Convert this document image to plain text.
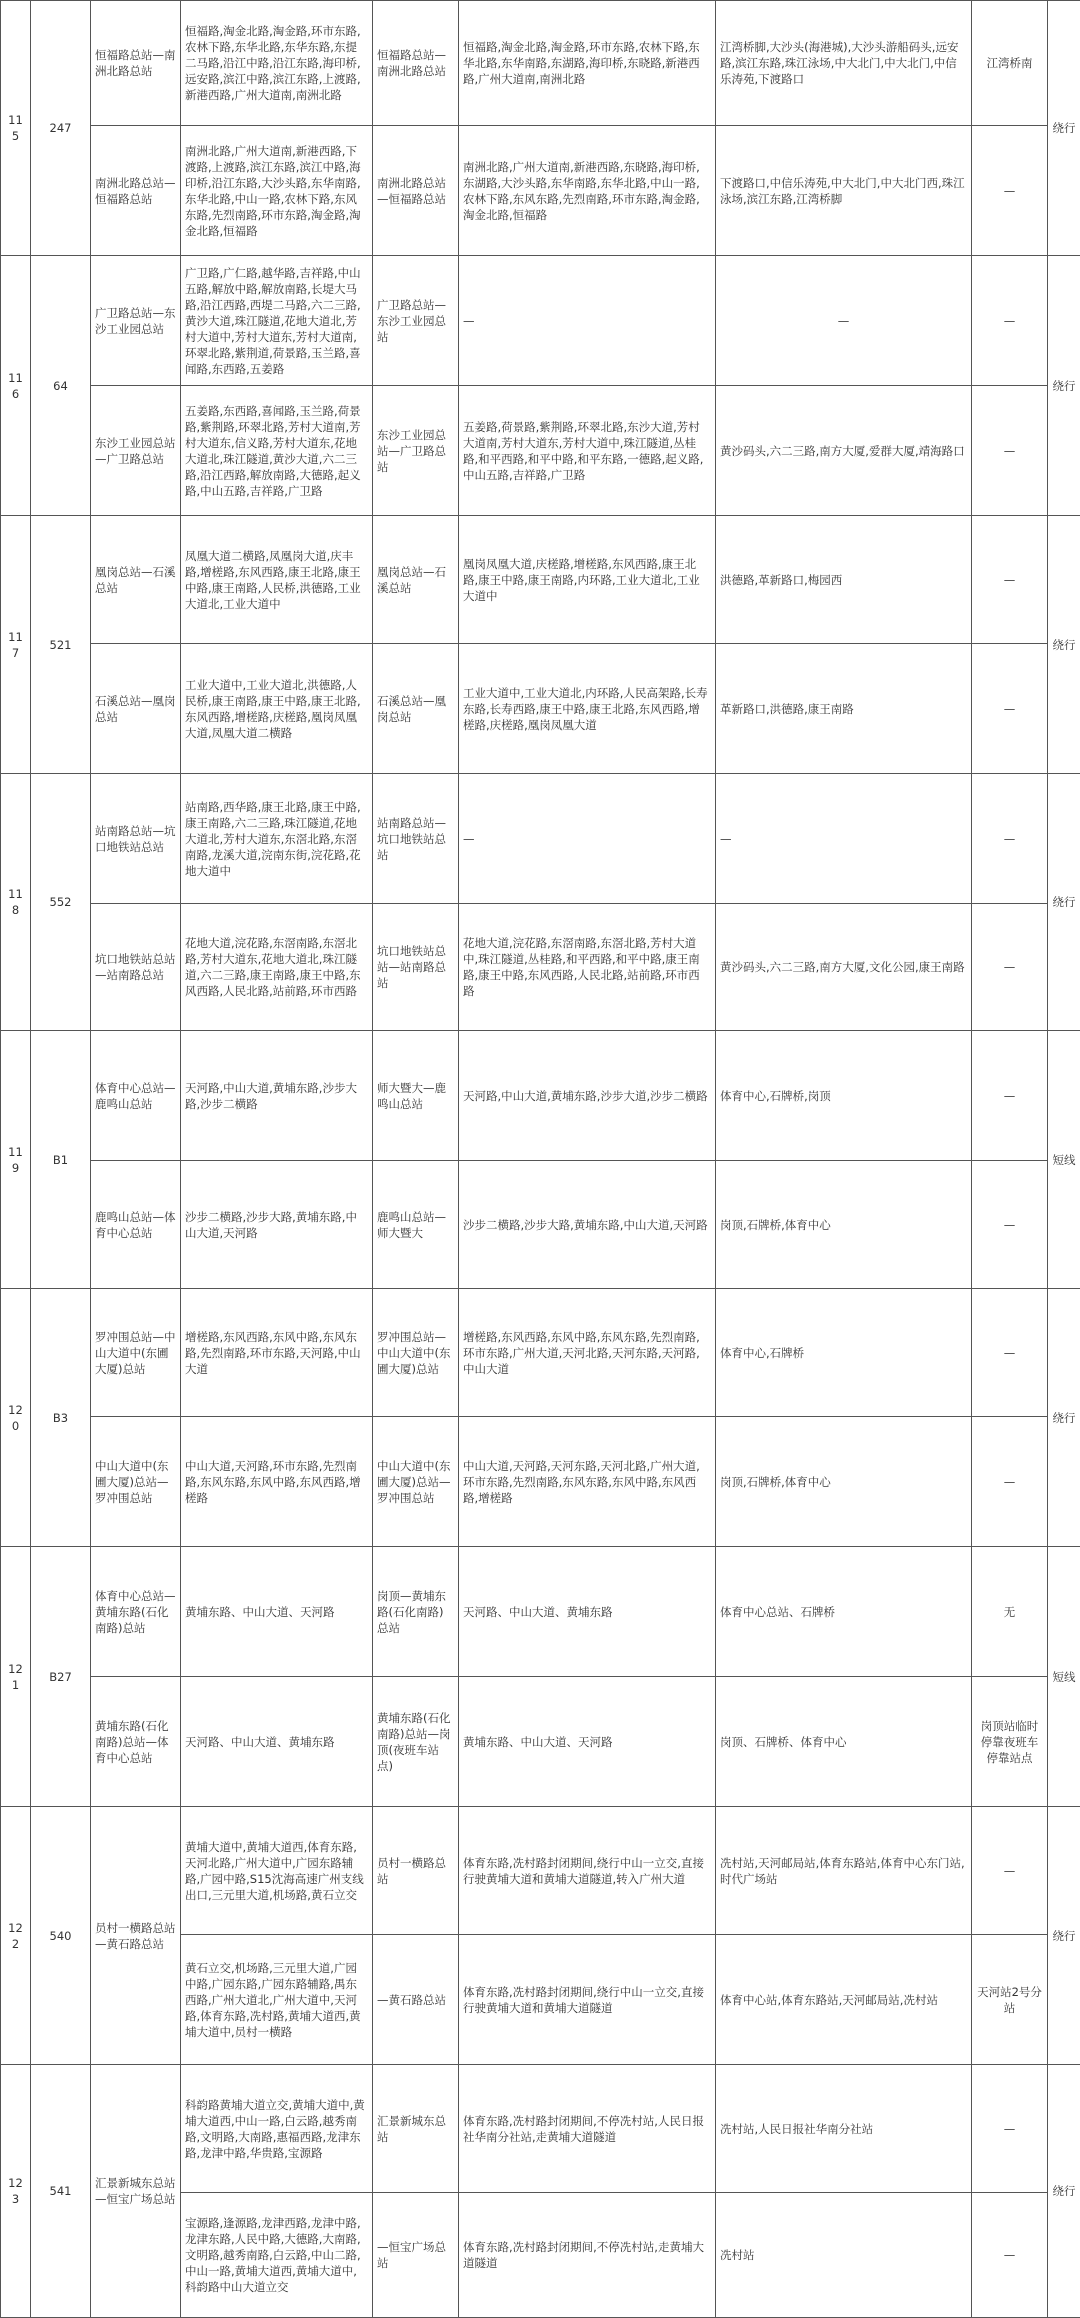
115	247	恒福路总站—南洲北路总站	恒福路,淘金北路,淘金路,环市东路,农林下路,东华北路,东华东路,东提二马路,沿江中路,沿江东路,海印桥,远安路,滨江中路,滨江东路,上渡路,新港西路,广州大道南,南洲北路	恒福路总站—南洲北路总站	恒福路,淘金北路,淘金路,环市东路,农林下路,东华北路,东华南路,东湖路,海印桥,东晓路,新港西路,广州大道南,南洲北路	江湾桥脚,大沙头(海港城),大沙头游船码头,远安路,滨江东路,珠江泳场,中大北门,中大北门,中信乐涛苑,下渡路口	江湾桥南	绕行
		南洲北路总站—恒福路总站	南洲北路,广州大道南,新港西路,下渡路,上渡路,滨江东路,滨江中路,海印桥,沿江东路,大沙头路,东华南路,东华北路,中山一路,农林下路,东风东路,先烈南路,环市东路,淘金路,淘金北路,恒福路	南洲北路总站—恒福路总站	南洲北路,广州大道南,新港西路,东晓路,海印桥,东湖路,大沙头路,东华南路,东华北路,中山一路,农林下路,东风东路,先烈南路,环市东路,淘金路,淘金北路,恒福路	下渡路口,中信乐涛苑,中大北门,中大北门西,珠江泳场,滨江东路,江湾桥脚	—	
116	64	广卫路总站—东沙工业园总站	广卫路,广仁路,越华路,吉祥路,中山五路,解放中路,解放南路,长堤大马路,沿江西路,西堤二马路,六二三路,黄沙大道,珠江隧道,花地大道北,芳村大道中,芳村大道东,芳村大道南,环翠北路,紫荆道,荷景路,玉兰路,喜闻路,东西路,五姜路	广卫路总站—东沙工业园总站	—	—	—	绕行
		东沙工业园总站—广卫路总站	五姜路,东西路,喜闻路,玉兰路,荷景路,紫荆路,环翠北路,芳村大道南,芳村大道东,信义路,芳村大道东,花地大道北,珠江隧道,黄沙大道,六二三路,沿江西路,解放南路,大德路,起义路,中山五路,吉祥路,广卫路	东沙工业园总站—广卫路总站	五姜路,荷景路,紫荆路,环翠北路,东沙大道,芳村大道南,芳村大道东,芳村大道中,珠江隧道,丛桂路,和平西路,和平中路,和平东路,一德路,起义路,中山五路,吉祥路,广卫路	黄沙码头,六二三路,南方大厦,爱群大厦,靖海路口	—	
117	521	凰岗总站—石溪总站	凤凰大道二横路,凤凰岗大道,庆丰路,增槎路,东风西路,康王北路,康王中路,康王南路,人民桥,洪德路,工业大道北,工业大道中	凰岗总站—石溪总站	凰岗凤凰大道,庆槎路,增槎路,东风西路,康王北路,康王中路,康王南路,内环路,工业大道北,工业大道中	洪德路,革新路口,梅园西	—	绕行
		石溪总站—凰岗总站	工业大道中,工业大道北,洪德路,人民桥,康王南路,康王中路,康王北路,东风西路,增槎路,庆槎路,凰岗凤凰大道,凤凰大道二横路	石溪总站—凰岗总站	工业大道中,工业大道北,内环路,人民高架路,长寿东路,长寿西路,康王中路,康王北路,东风西路,增槎路,庆槎路,凰岗凤凰大道	革新路口,洪德路,康王南路	—	
118	552	站南路总站—坑口地铁站总站	站南路,西华路,康王北路,康王中路,康王南路,六二三路,珠江隧道,花地大道北,芳村大道东,东滘北路,东滘南路,龙溪大道,浣南东街,浣花路,花地大道中	站南路总站—坑口地铁站总站	—	—	—	绕行
		坑口地铁站总站—站南路总站	花地大道,浣花路,东滘南路,东滘北路,芳村大道东,花地大道北,珠江隧道,六二三路,康王南路,康王中路,东风西路,人民北路,站前路,环市西路	坑口地铁站总站—站南路总站	花地大道,浣花路,东滘南路,东滘北路,芳村大道中,珠江隧道,丛桂路,和平西路,和平中路,康王南路,康王中路,东风西路,人民北路,站前路,环市西路	黄沙码头,六二三路,南方大厦,文化公园,康王南路	—	
119	B1	体育中心总站—鹿鸣山总站	天河路,中山大道,黄埔东路,沙步大路,沙步二横路	师大暨大—鹿鸣山总站	天河路,中山大道,黄埔东路,沙步大道,沙步二横路	体育中心,石牌桥,岗顶	—	短线
		鹿鸣山总站—体育中心总站	沙步二横路,沙步大路,黄埔东路,中山大道,天河路	鹿鸣山总站—师大暨大	沙步二横路,沙步大路,黄埔东路,中山大道,天河路	岗顶,石牌桥,体育中心	—	
120	B3	罗冲围总站—中山大道中(东圃大厦)总站	增槎路,东风西路,东风中路,东风东路,先烈南路,环市东路,天河路,中山大道	罗冲围总站—中山大道中(东圃大厦)总站	增槎路,东风西路,东风中路,东风东路,先烈南路,环市东路,广州大道,天河北路,天河东路,天河路,中山大道	体育中心,石牌桥	—	绕行
		中山大道中(东圃大厦)总站—罗冲围总站	中山大道,天河路,环市东路,先烈南路,东风东路,东风中路,东风西路,增槎路	中山大道中(东圃大厦)总站—罗冲围总站	中山大道,天河路,天河东路,天河北路,广州大道,环市东路,先烈南路,东风东路,东风中路,东风西路,增槎路	岗顶,石牌桥,体育中心	—	
121	B27	体育中心总站—黄埔东路(石化南路)总站	黄埔东路、中山大道、天河路	岗顶—黄埔东路(石化南路)总站	天河路、中山大道、黄埔东路	体育中心总站、石牌桥	无	短线
		黄埔东路(石化南路)总站—体育中心总站	天河路、中山大道、黄埔东路	黄埔东路(石化南路)总站—岗顶(夜班车站点)	黄埔东路、中山大道、天河路	岗顶、石牌桥、体育中心	岗顶站临时停靠夜班车停靠站点	
122	540	员村一横路总站—黄石路总站	黄埔大道中,黄埔大道西,体育东路,天河北路,广州大道中,广园东路辅路,广园中路,S15沈海高速广州支线出口,三元里大道,机场路,黄石立交	员村一横路总站	体育东路,冼村路封闭期间,绕行中山一立交,直接行驶黄埔大道和黄埔大道隧道,转入广州大道	冼村站,天河邮局站,体育东路站,体育中心东门站,时代广场站	—	绕行
			黄石立交,机场路,三元里大道,广园中路,广园东路,广园东路辅路,禺东西路,广州大道北,广州大道中,天河路,体育东路,冼村路,黄埔大道西,黄埔大道中,员村一横路	—黄石路总站	体育东路,冼村路封闭期间,绕行中山一立交,直接行驶黄埔大道和黄埔大道隧道	体育中心站,体育东路站,天河邮局站,冼村站	天河站2号分站	
123	541	汇景新城东总站—恒宝广场总站	科韵路黄埔大道立交,黄埔大道中,黄埔大道西,中山一路,白云路,越秀南路,文明路,大南路,惠福西路,龙津东路,龙津中路,华贵路,宝源路	汇景新城东总站	体育东路,冼村路封闭期间,不停冼村站,人民日报社华南分社站,走黄埔大道隧道	冼村站,人民日报社华南分社站	—	绕行
			宝源路,逢源路,龙津西路,龙津中路,龙津东路,人民中路,大德路,大南路,文明路,越秀南路,白云路,中山二路,中山一路,黄埔大道西,黄埔大道中,科韵路中山大道立交	—恒宝广场总站	体育东路,冼村路封闭期间,不停冼村站,走黄埔大道隧道	冼村站	—	
